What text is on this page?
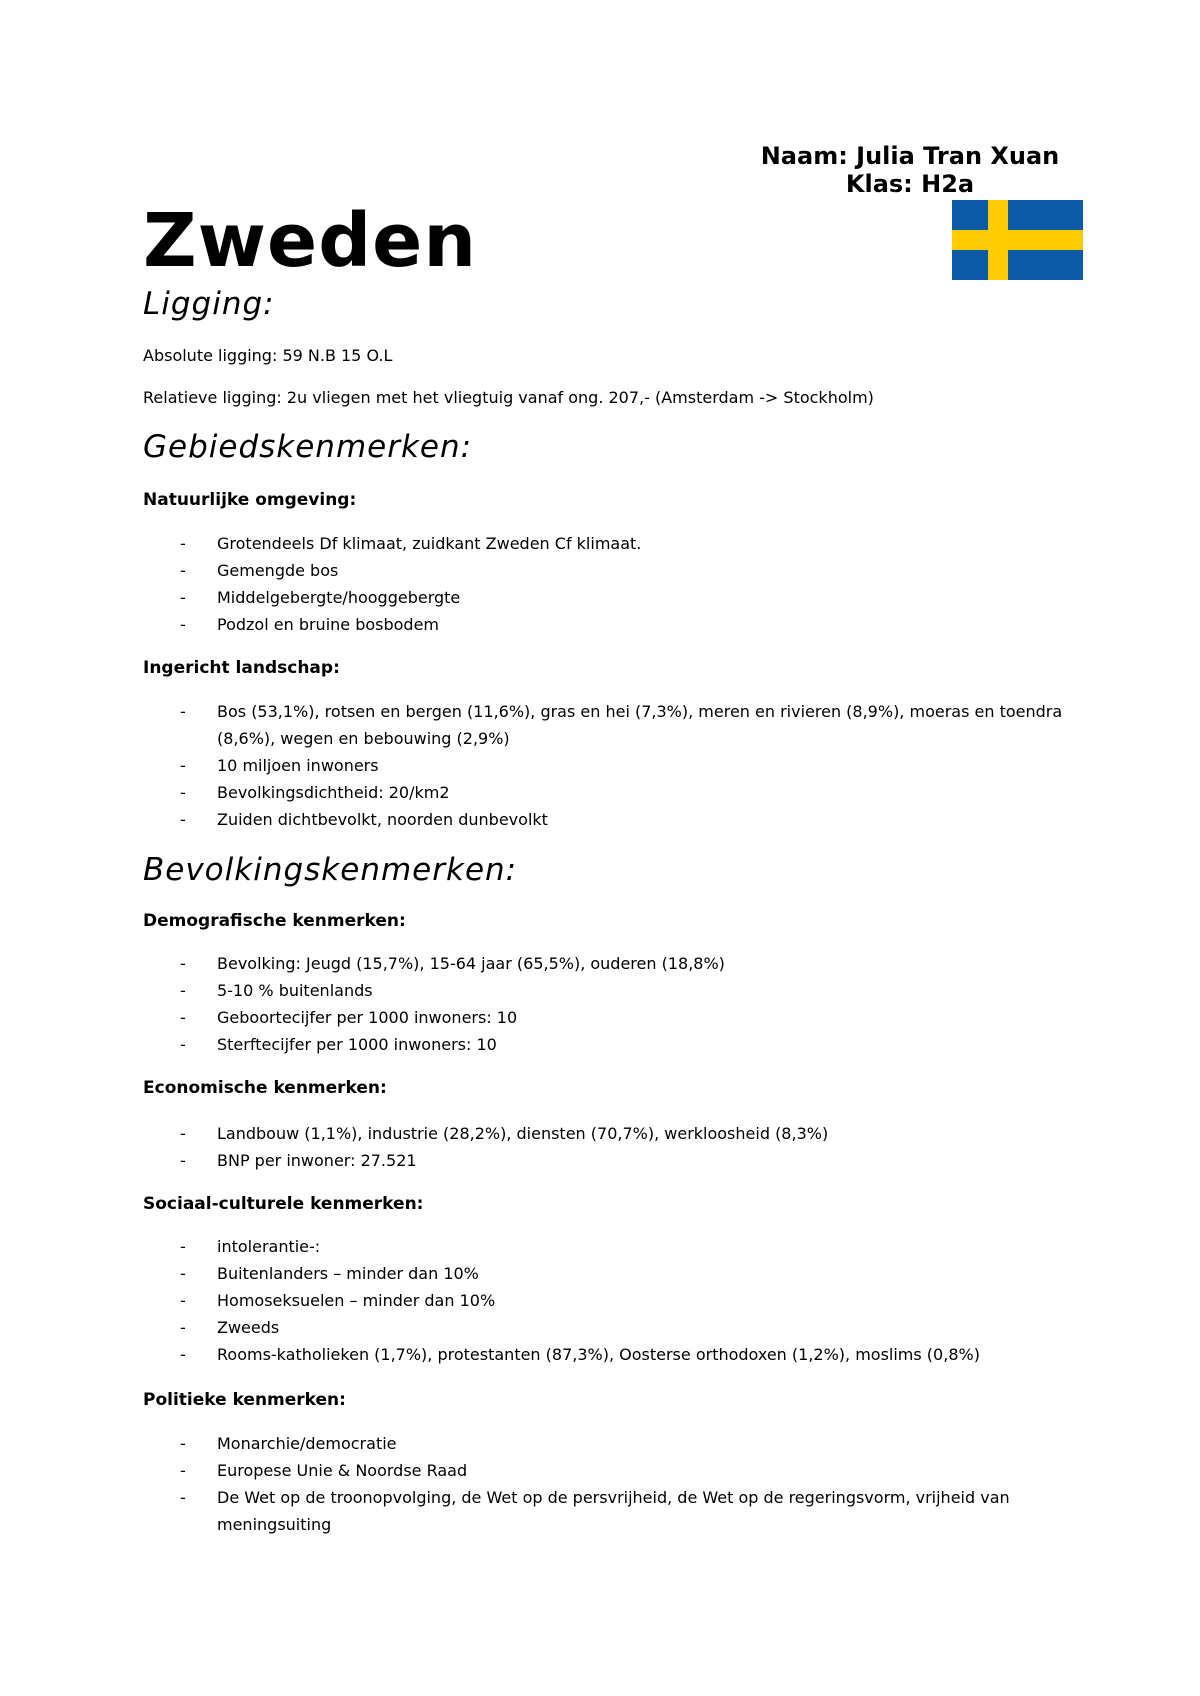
Naam: Julia Tran Xuan
Klas: H2a
Zweden
Ligging:

Absolute ligging: 59 N.B 15 O.L

Relatieve ligging: 2u vliegen met het vliegtuig vanaf ong. 207,- (Amsterdam -> Stockholm)

Gebiedskenmerken:
Natuurlijke omgeving:
- Grotendeels Df klimaat, zuidkant Zweden Cf klimaat.
- Gemengde bos
- Middelgebergte/hooggebergte
- Podzol en bruine bosbodem
Ingericht landschap:
- Bos (53,1%), rotsen en bergen (11,6%), gras en hei (7,3%), meren en rivieren (8,9%), moeras en toendra (8,6%), wegen en bebouwing (2,9%)
- 10 miljoen inwoners
- Bevolkingsdichtheid: 20/km2
- Zuiden dichtbevolkt, noorden dunbevolkt
Bevolkingskenmerken:
Demografische kenmerken:
- Bevolking: Jeugd (15,7%), 15-64 jaar (65,5%), ouderen (18,8%)
- 5-10 % buitenlands
- Geboortecijfer per 1000 inwoners: 10
- Sterftecijfer per 1000 inwoners: 10
Economische kenmerken:
- Landbouw (1,1%), industrie (28,2%), diensten (70,7%), werkloosheid (8,3%)
- BNP per inwoner: 27.521
Sociaal-culturele kenmerken:
- intolerantie-:
- Buitenlanders – minder dan 10%
- Homoseksuelen – minder dan 10%
- Zweeds
- Rooms-katholieken (1,7%), protestanten (87,3%), Oosterse orthodoxen (1,2%), moslims (0,8%)
Politieke kenmerken:
- Monarchie/democratie
- Europese Unie & Noordse Raad
- De Wet op de troonopvolging, de Wet op de persvrijheid, de Wet op de regeringsvorm, vrijheid van meningsuiting
